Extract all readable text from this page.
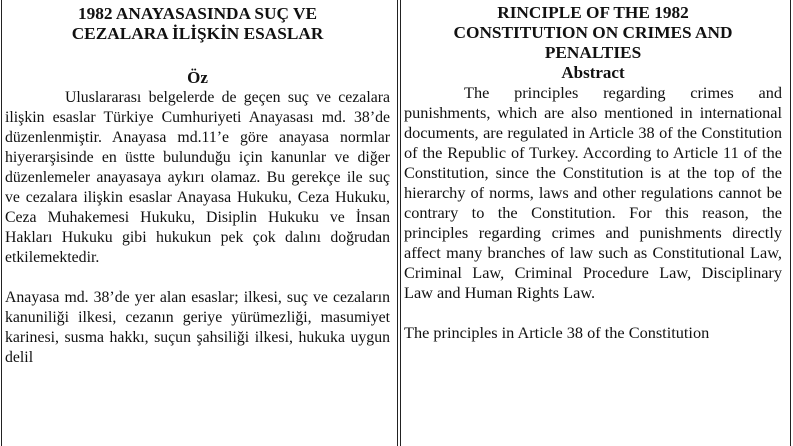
1982 ANAYASASINDA SUÇ VE
CEZALARA İLİŞKİN ESASLAR
Öz

Uluslararası belgelerde de geçen suç ve cezalara ilişkin esaslar Türkiye Cumhuriyeti Anayasası md. 38’de düzenlenmiştir. Anayasa md.11’e göre anayasa normlar hiyerarşisinde en üstte bulunduğu için kanunlar ve diğer düzenlemeler anayasaya aykırı olamaz. Bu gerekçe ile suç ve cezalara ilişkin esaslar Anayasa Hukuku, Ceza Hukuku, Ceza Muhakemesi Hukuku, Disiplin Hukuku ve İnsan Hakları Hukuku gibi hukukun pek çok dalını doğrudan etkilemektedir.

Anayasa md. 38’de yer alan esaslar; ilkesi, suç ve cezaların kanuniliği ilkesi, cezanın geriye yürümezliği, masumiyet karinesi, susma hakkı, suçun şahsiliği ilkesi, hukuka uygun delil

RINCIPLE OF THE 1982
CONSTITUTION ON CRIMES AND
PENALTIES
Abstract

The principles regarding crimes and punishments, which are also mentioned in international documents, are regulated in Article 38 of the Constitution of the Republic of Turkey. According to Article 11 of the Constitution, since the Constitution is at the top of the hierarchy of norms, laws and other regulations cannot be contrary to the Constitution. For this reason, the principles regarding crimes and punishments directly affect many branches of law such as Constitutional Law, Criminal Law, Criminal Procedure Law, Disciplinary Law and Human Rights Law.

The principles in Article 38 of the Constitution
